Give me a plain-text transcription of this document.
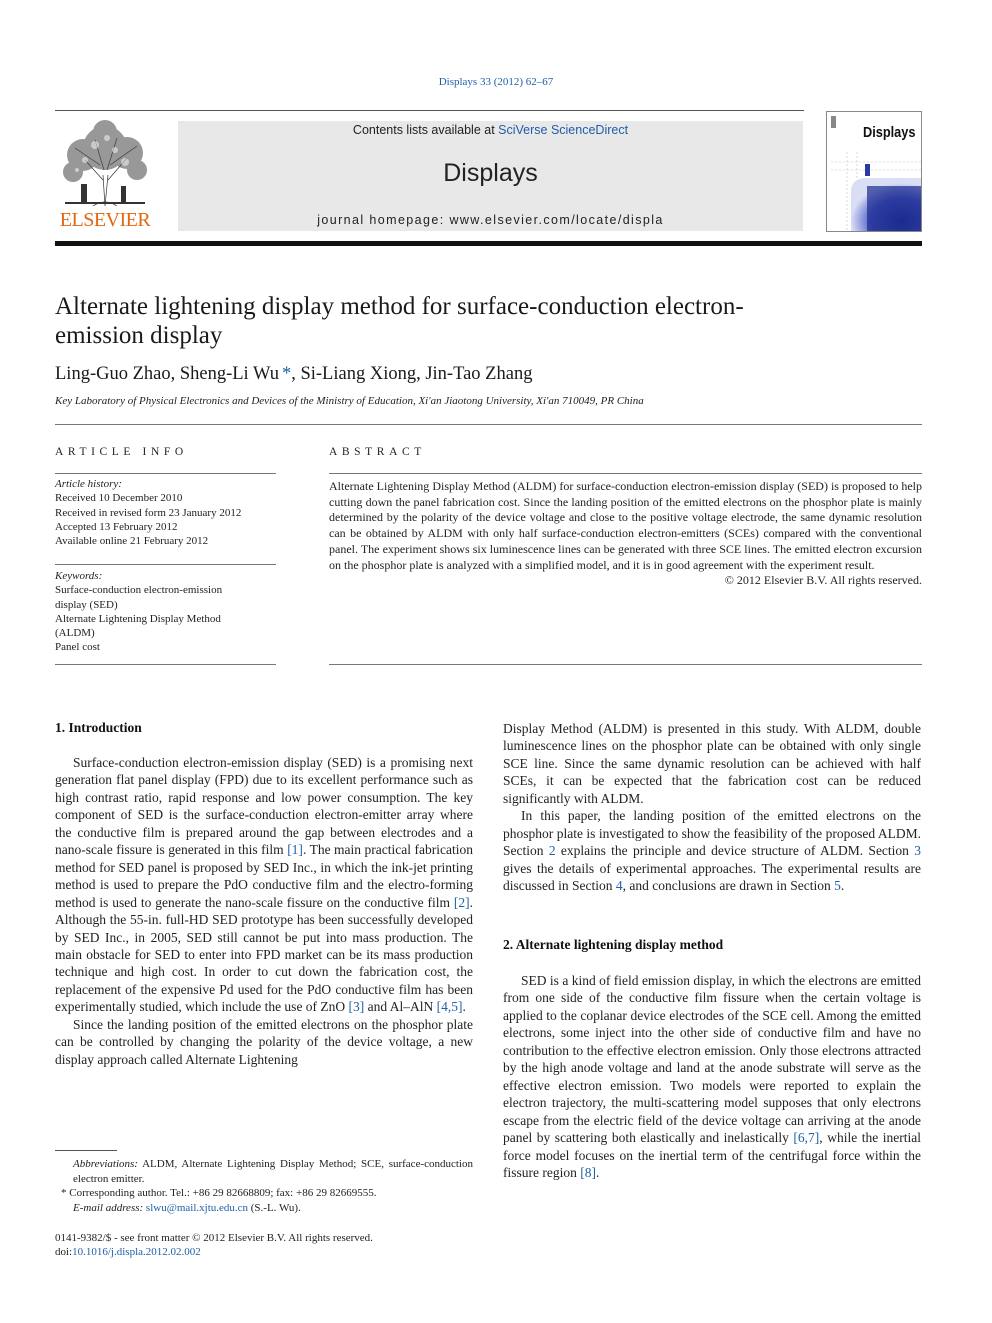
Displays 33 (2012) 62–67
ELSEVIER
Contents lists available at SciVerse ScienceDirect
Displays
journal homepage: www.elsevier.com/locate/displa
Displays
Alternate lightening display method for surface-conduction electron-emission display
Ling-Guo Zhao, Sheng-Li Wu *, Si-Liang Xiong, Jin-Tao Zhang
Key Laboratory of Physical Electronics and Devices of the Ministry of Education, Xi'an Jiaotong University, Xi'an 710049, PR China
ARTICLE INFO
Article history:
Received 10 December 2010
Received in revised form 23 January 2012
Accepted 13 February 2012
Available online 21 February 2012
Keywords:
Surface-conduction electron-emission
display (SED)
Alternate Lightening Display Method
(ALDM)
Panel cost
ABSTRACT
Alternate Lightening Display Method (ALDM) for surface-conduction electron-emission display (SED) is proposed to help cutting down the panel fabrication cost. Since the landing position of the emitted electrons on the phosphor plate is mainly determined by the polarity of the device voltage and close to the positive voltage electrode, the same dynamic resolution can be obtained by ALDM with only half surface-conduction electron-emitters (SCEs) compared with the conventional panel. The experiment shows six luminescence lines can be generated with three SCE lines. The emitted electron excursion on the phosphor plate is analyzed with a simplified model, and it is in good agreement with the experiment result.
© 2012 Elsevier B.V. All rights reserved.
1. Introduction

Surface-conduction electron-emission display (SED) is a promising next generation flat panel display (FPD) due to its excellent performance such as high contrast ratio, rapid response and low power consumption. The key component of SED is the surface-conduction electron-emitter array where the conductive film is prepared around the gap between electrodes and a nano-scale fissure is generated in this film [1]. The main practical fabrication method for SED panel is proposed by SED Inc., in which the ink-jet printing method is used to prepare the PdO conductive film and the electro-forming method is used to generate the nano-scale fissure on the conductive film [2]. Although the 55-in. full-HD SED prototype has been successfully developed by SED Inc., in 2005, SED still cannot be put into mass production. The main obstacle for SED to enter into FPD market can be its mass production technique and high cost. In order to cut down the fabrication cost, the replacement of the expensive Pd used for the PdO conductive film has been experimentally studied, which include the use of ZnO [3] and Al–AlN [4,5].

Since the landing position of the emitted electrons on the phosphor plate can be controlled by changing the polarity of the device voltage, a new display approach called Alternate Lightening

Display Method (ALDM) is presented in this study. With ALDM, double luminescence lines on the phosphor plate can be obtained with only single SCE line. Since the same dynamic resolution can be achieved with half SCEs, it can be expected that the fabrication cost can be reduced significantly with ALDM.

In this paper, the landing position of the emitted electrons on the phosphor plate is investigated to show the feasibility of the proposed ALDM. Section 2 explains the principle and device structure of ALDM. Section 3 gives the details of experimental approaches. The experimental results are discussed in Section 4, and conclusions are drawn in Section 5.

2. Alternate lightening display method

SED is a kind of field emission display, in which the electrons are emitted from one side of the conductive film fissure when the certain voltage is applied to the coplanar device electrodes of the SCE cell. Among the emitted electrons, some inject into the other side of conductive film and have no contribution to the effective electron emission. Only those electrons attracted by the high anode voltage and land at the anode substrate will serve as the effective electron emission. Two models were reported to explain the electron trajectory, the multi-scattering model supposes that only electrons escape from the electric field of the device voltage can arriving at the anode panel by scattering both elastically and inelastically [6,7], while the inertial force model focuses on the inertial term of the centrifugal force within the fissure region [8].

Abbreviations: ALDM, Alternate Lightening Display Method; SCE, surface-conduction electron emitter.
* Corresponding author. Tel.: +86 29 82668809; fax: +86 29 82669555.
E-mail address: slwu@mail.xjtu.edu.cn (S.-L. Wu).
0141-9382/$ - see front matter © 2012 Elsevier B.V. All rights reserved.
doi:10.1016/j.displa.2012.02.002
